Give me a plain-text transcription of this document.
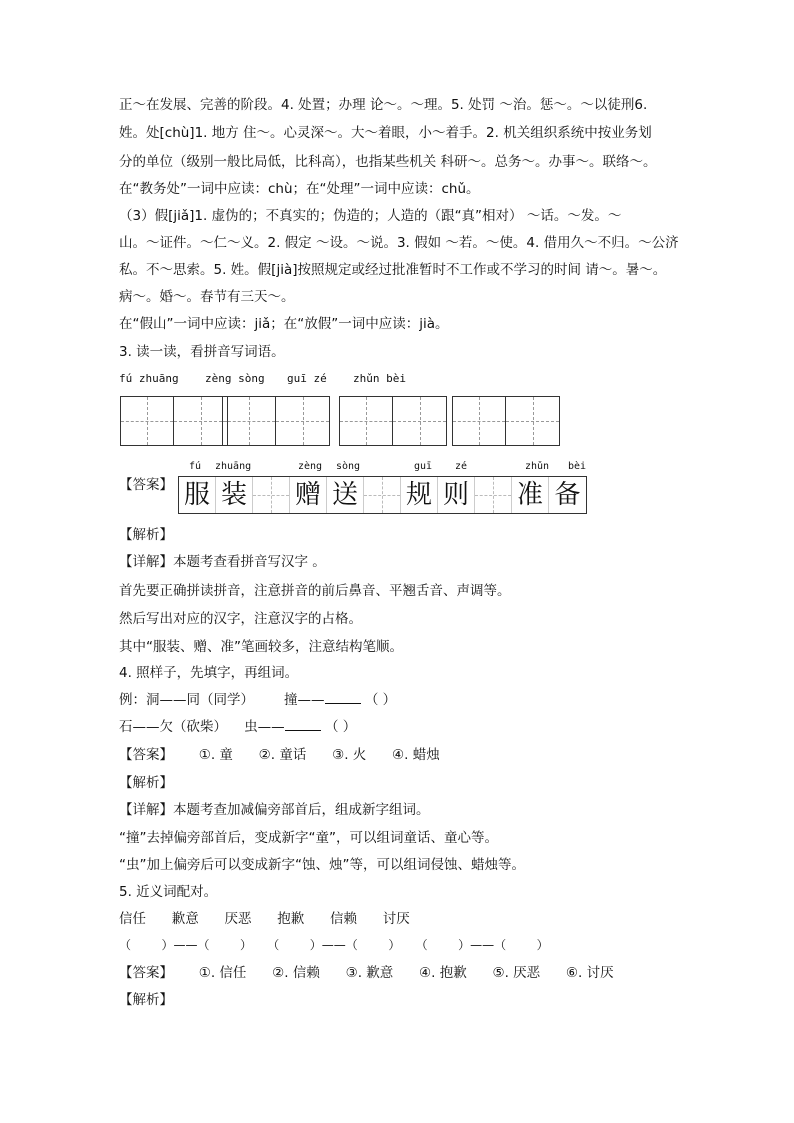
正～在发展、完善的阶段。4. 处置；办理 论～。～理。5. 处罚 ～治。惩～。～以徒刑6.
姓。处[chù]1. 地方 住～。心灵深～。大～着眼，小～着手。2. 机关组织系统中按业务划
分的单位（级别一般比局低，比科高），也指某些机关 科研～。总务～。办事～。联络～。
在“教务处”一词中应读：chù；在“处理”一词中应读：chǔ。
（3）假[jiǎ]1. 虚伪的；不真实的；伪造的；人造的（跟“真”相对） ～话。～发。～
山。～证件。～仁～义。2. 假定 ～设。～说。3. 假如 ～若。～使。4. 借用久～不归。～公济
私。不～思索。5. 姓。假[jià]按照规定或经过批准暂时不工作或不学习的时间 请～。暑～。
病～。婚～。春节有三天～。
在“假山”一词中应读：jiǎ；在“放假”一词中应读：jià。
3. 读一读，看拼音写词语。
fú zhuāng zèng sòng guī zé zhǔn bèi
【答案】
fú zhuāng	zèng sòng	guī zé	zhǔn bèi
服 装 赠 送 规 则 准 备
【解析】
【详解】本题考查看拼音写汉字 。
首先要正确拼读拼音，注意拼音的前后鼻音、平翘舌音、声调等。
然后写出对应的汉字，注意汉字的占格。
其中“服装、赠、准”笔画较多，注意结构笔顺。
4. 照样子，先填字，再组词。
例：洞——同（同学） 撞——	（ ）
石——欠（砍柴） 虫——	（ ）
【答案】 ①. 童      ②. 童话      ③. 火      ④. 蜡烛
【解析】
【详解】本题考查加减偏旁部首后，组成新字组词。
“撞”去掉偏旁部首后，变成新字“童”，可以组词童话、童心等。
“虫”加上偏旁后可以变成新字“蚀、烛”等，可以组词侵蚀、蜡烛等。
5. 近义词配对。
信任      歉意      厌恶      抱歉      信赖      讨厌
（        ）——（        ）    （        ）——（        ）    （        ）——（        ）
【答案】 ①. 信任      ②. 信赖      ③. 歉意      ④. 抱歉      ⑤. 厌恶      ⑥. 讨厌
【解析】
